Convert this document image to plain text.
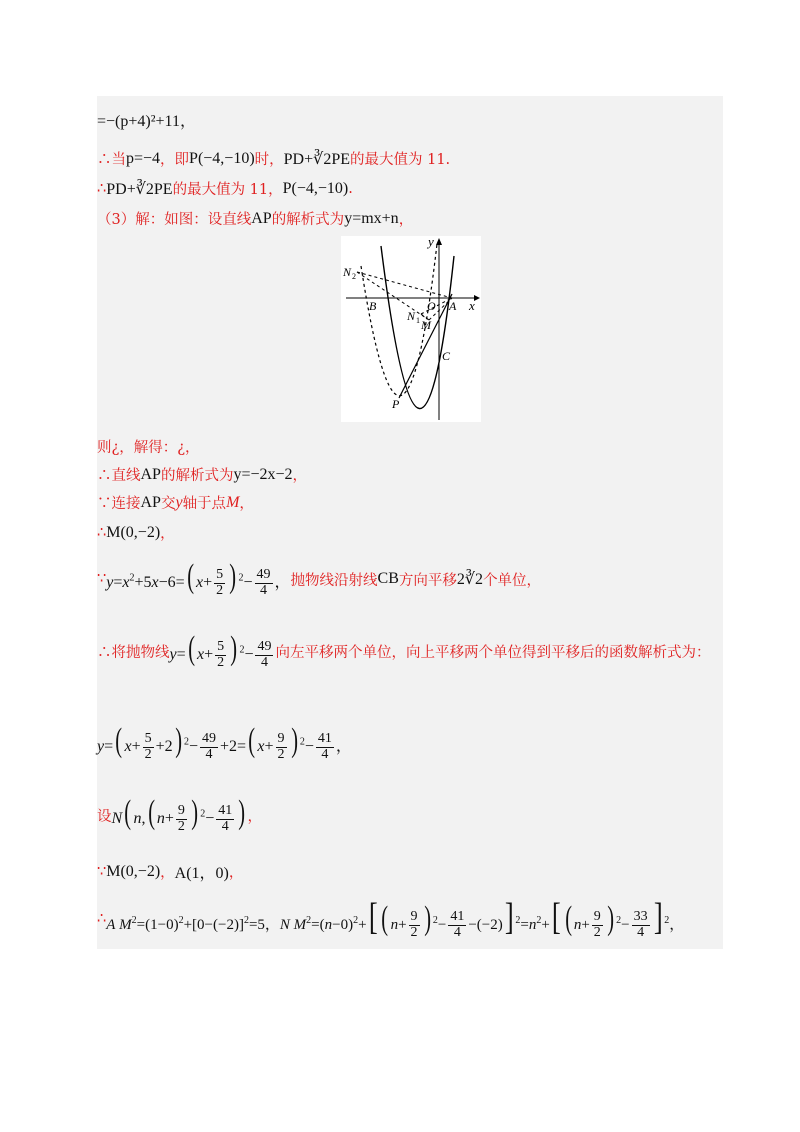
=−(p+4)²+11，
∴当 p=−4 ，即 P(−4,−10) 时， PD+∛2PE 的最大值为 11.
∴ PD+∛2PE 的最大值为 11， P(−4,−10) .
（3）解：如图：设直线 AP 的解析式为 y=mx+n ，
y
x
N 2
B	O A
N 1 M
C
P
则¿，解得：¿，
∴直线 AP 的解析式为 y=−2x−2 ，
∵连接 AP 交 y 轴于点 M ，
∴ M(0,−2) ，
∵ $y=x^2+5x-6=$( $x+ \frac{5}{2}$ ) $^2- \frac{49}{4}$ ， 抛物线沿射线 CB 方向平移 2∛2 个单位，
∴将抛物线 y=( $x+ \frac{5}{2}$ ) $^2- \frac{49}{4}$ 向左平移两个单位，向上平移两个单位得到平移后的函数解析式为：
y=( $x+ \frac{5}{2} +2$) $^2- \frac{49}{4} +2=$( $x+ \frac{9}{2}$ ) $^2- \frac{41}{4}$ ，
设 N( n,( $n+ \frac{9}{2}$ ) $^2- \frac{41}{4}$ ) ，
∵ M(0,−2) ， A(1，0) ，
∴ A $M^2=(1-0)^2+[0-(-2)]^2=5$，N $M^2=(n-0)^2+$[ ( $n+ \frac{9}{2}$ ) $^2- \frac{41}{4} -(-2)$] $^2=n^2+$[ ( $n+ \frac{9}{2}$ ) $^2- \frac{33}{4}$ ] $^2$，
